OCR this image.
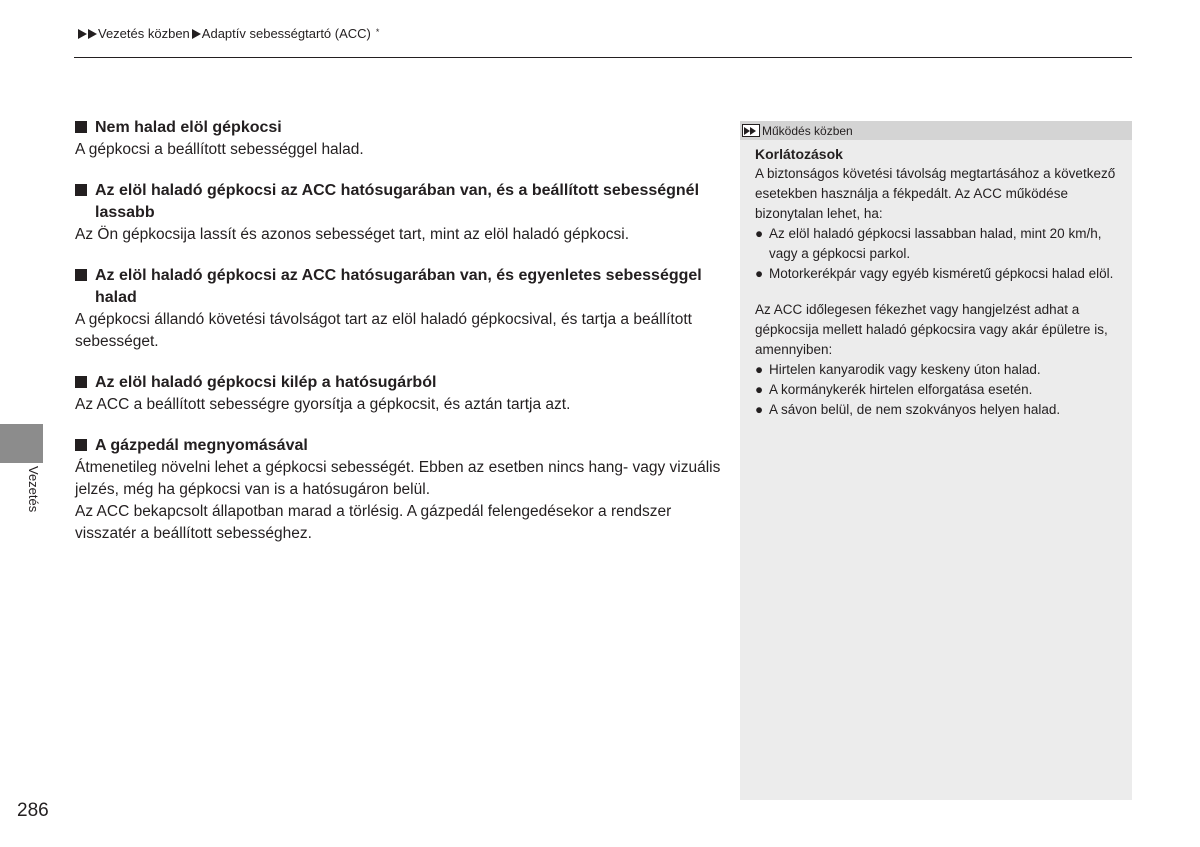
Vezetés közben Adaptív sebességtartó (ACC) *
Nem halad elöl gépkocsi
A gépkocsi a beállított sebességgel halad.
Az elöl haladó gépkocsi az ACC hatósugarában van, és a beállított sebességnél lassabb
Az Ön gépkocsija lassít és azonos sebességet tart, mint az elöl haladó gépkocsi.
Az elöl haladó gépkocsi az ACC hatósugarában van, és egyenletes sebességgel halad
A gépkocsi állandó követési távolságot tart az elöl haladó gépkocsival, és tartja a beállított sebességet.
Az elöl haladó gépkocsi kilép a hatósugárból
Az ACC a beállított sebességre gyorsítja a gépkocsit, és aztán tartja azt.
A gázpedál megnyomásával
Átmenetileg növelni lehet a gépkocsi sebességét. Ebben az esetben nincs hang- vagy vizuális jelzés, még ha gépkocsi van is a hatósugáron belül.
Az ACC bekapcsolt állapotban marad a törlésig. A gázpedál felengedésekor a rendszer visszatér a beállított sebességhez.
Működés közben
Korlátozások
A biztonságos követési távolság megtartásához a következő esetekben használja a fékpedált. Az ACC működése bizonytalan lehet, ha:
● Az elöl haladó gépkocsi lassabban halad, mint 20 km/h, vagy a gépkocsi parkol.
● Motorkerékpár vagy egyéb kisméretű gépkocsi halad elöl.
Az ACC időlegesen fékezhet vagy hangjelzést adhat a gépkocsija mellett haladó gépkocsira vagy akár épületre is, amennyiben:
● Hirtelen kanyarodik vagy keskeny úton halad.
● A kormánykerék hirtelen elforgatása esetén.
● A sávon belül, de nem szokványos helyen halad.
Vezetés
286
